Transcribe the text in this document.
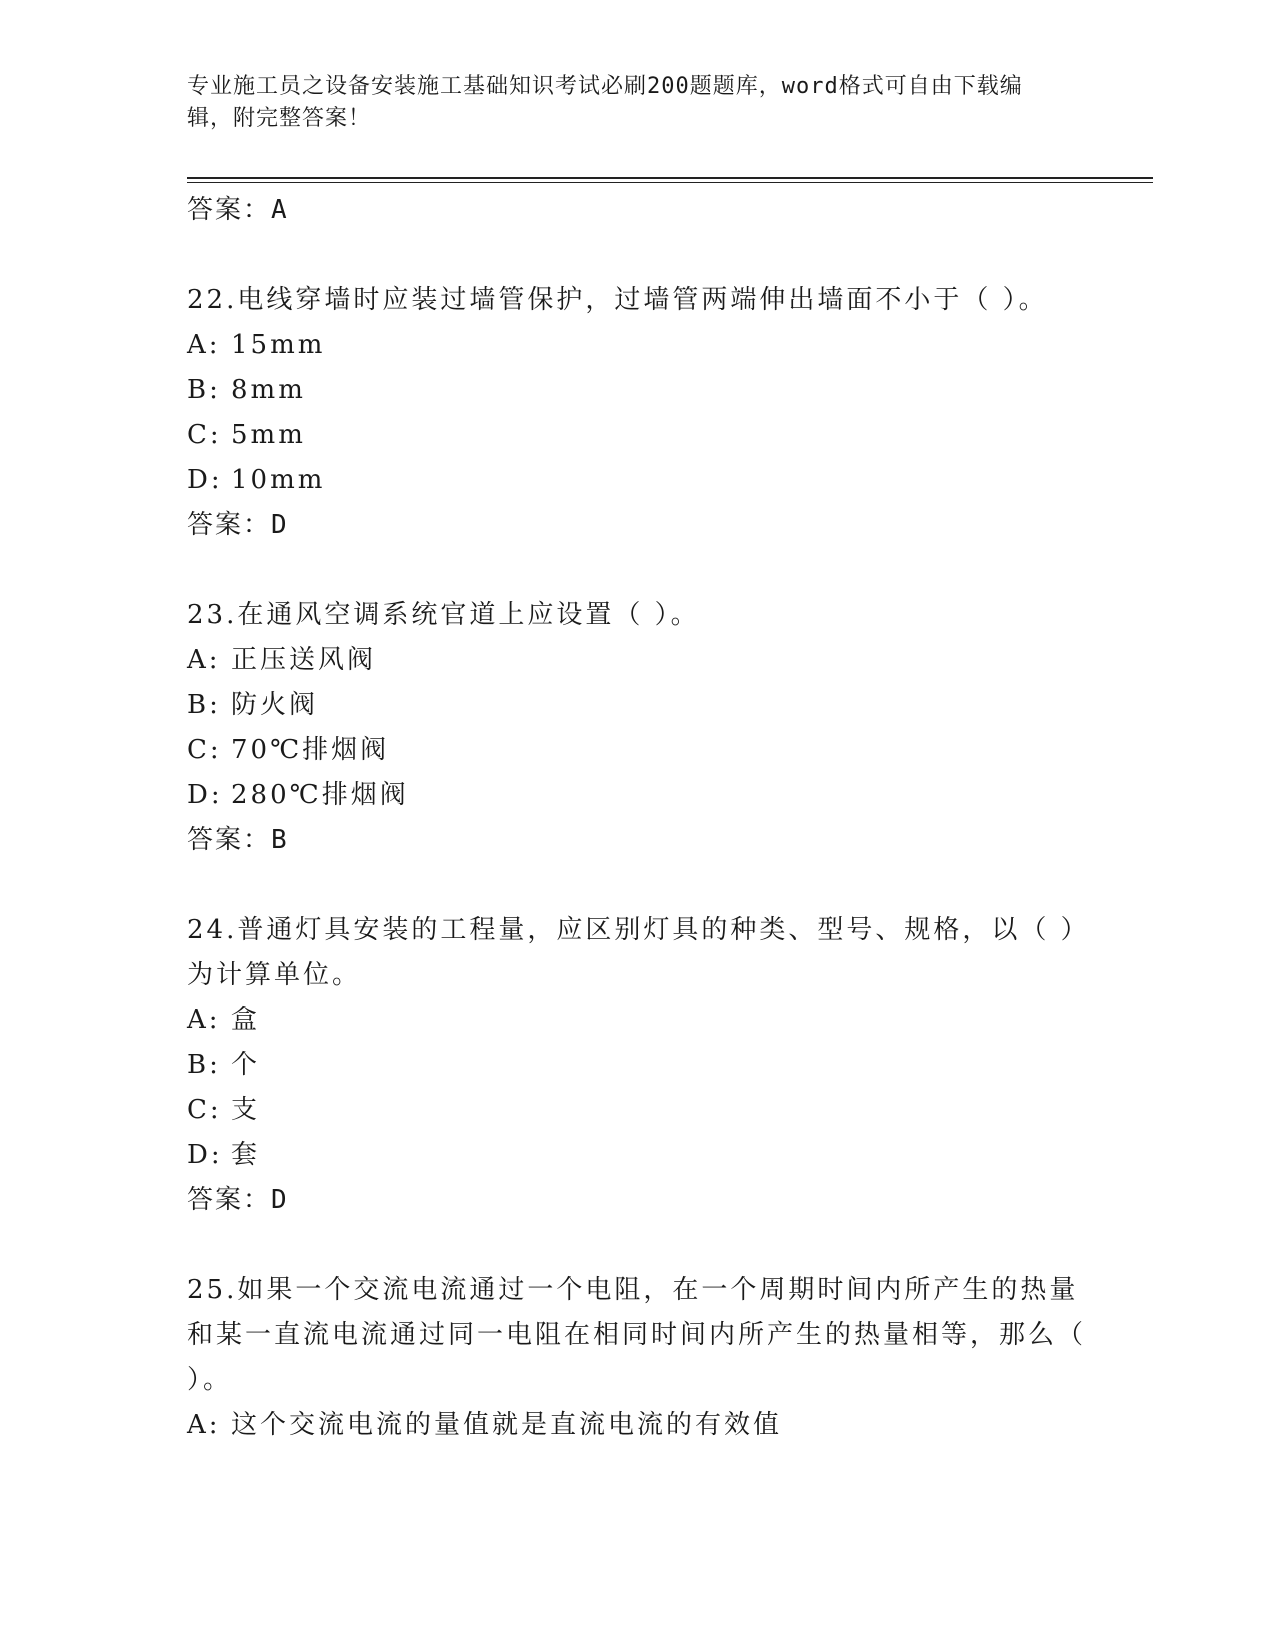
专业施工员之设备安装施工基础知识考试必刷200题题库，word格式可自由下载编辑，附完整答案！
答案：A
22.电线穿墙时应装过墙管保护，过墙管两端伸出墙面不小于（ ）。
A: 15mm
B: 8mm
C: 5mm
D: 10mm
答案：D
23.在通风空调系统官道上应设置（ ）。
A: 正压送风阀
B: 防火阀
C: 70℃排烟阀
D: 280℃排烟阀
答案：B
24.普通灯具安装的工程量，应区别灯具的种类、型号、规格，以（ ）为计算单位。
A: 盒
B: 个
C: 支
D: 套
答案：D
25.如果一个交流电流通过一个电阻，在一个周期时间内所产生的热量和某一直流电流通过同一电阻在相同时间内所产生的热量相等，那么（ ）。
A: 这个交流电流的量值就是直流电流的有效值
